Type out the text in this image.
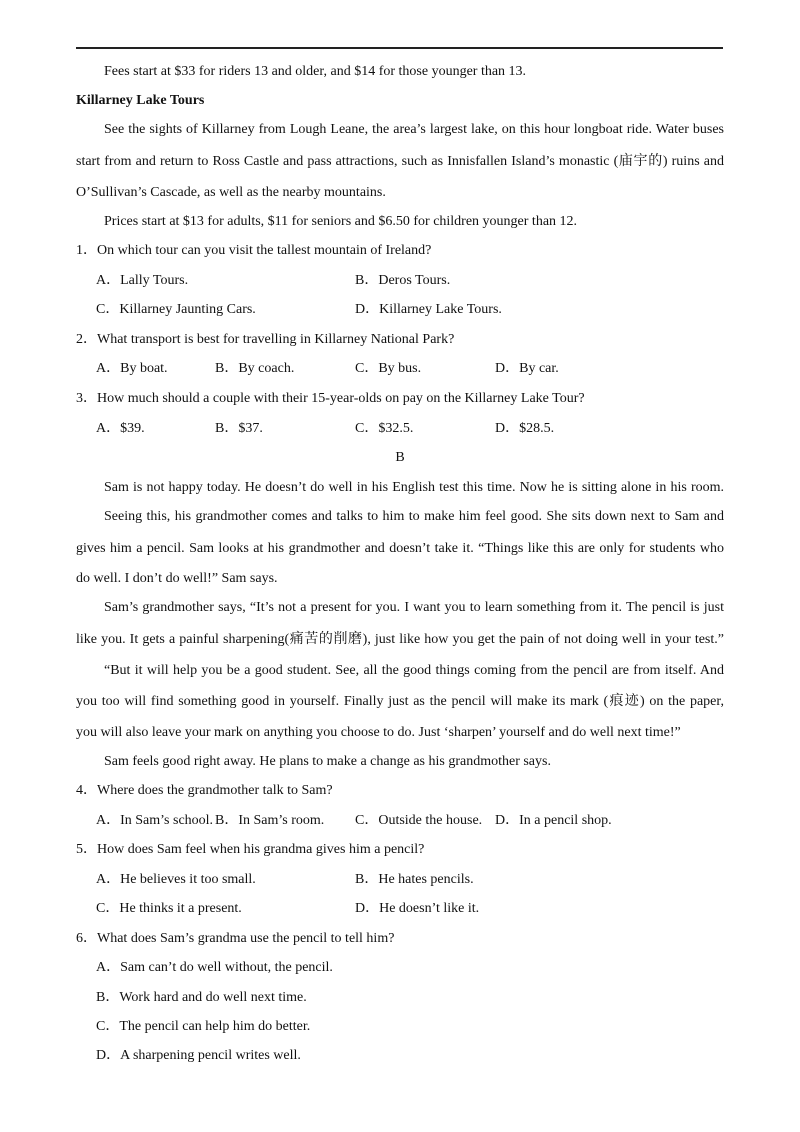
Fees start at $33 for riders 13 and older, and $14 for those younger than 13.
Killarney Lake Tours
See the sights of Killarney from Lough Leane, the area’s largest lake, on this hour longboat ride. Water buses
start from and return to Ross Castle and pass attractions, such as Innisfallen Island’s monastic (庙宇的) ruins and
O’Sullivan’s Cascade, as well as the nearby mountains.
Prices start at $13 for adults, $11 for seniors and $6.50 for children younger than 12.
1．On which tour can you visit the tallest mountain of Ireland?
A．Lally Tours.	B．Deros Tours.
C．Killarney Jaunting Cars.	D．Killarney Lake Tours.
2．What transport is best for travelling in Killarney National Park?
A．By boat.	B．By coach.	C．By bus.	D．By car.
3．How much should a couple with their 15-year-olds on pay on the Killarney Lake Tour?
A．$39.	B．$37.	C．$32.5.	D．$28.5.
B
Sam is not happy today. He doesn’t do well in his English test this time. Now he is sitting alone in his room.
Seeing this, his grandmother comes and talks to him to make him feel good. She sits down next to Sam and
gives him a pencil. Sam looks at his grandmother and doesn’t take it. “Things like this are only for students who
do well. I don’t do well!” Sam says.
Sam’s grandmother says, “It’s not a present for you. I want you to learn something from it. The pencil is just
like you. It gets a painful sharpening(痛苦的削磨), just like how you get the pain of not doing well in your test.”
“But it will help you be a good student. See, all the good things coming from the pencil are from itself. And
you too will find something good in yourself. Finally just as the pencil will make its mark (痕迹) on the paper,
you will also leave your mark on anything you choose to do. Just ‘sharpen’ yourself and do well next time!”
Sam feels good right away. He plans to make a change as his grandmother says.
4．Where does the grandmother talk to Sam?
A．In Sam’s school. B．In Sam’s room. C．Outside the house. D．In a pencil shop.
5．How does Sam feel when his grandma gives him a pencil?
A．He believes it too small.	B．He hates pencils.
C．He thinks it a present.	D．He doesn’t like it.
6．What does Sam’s grandma use the pencil to tell him?
A．Sam can’t do well without, the pencil.
B．Work hard and do well next time.
C．The pencil can help him do better.
D．A sharpening pencil writes well.
